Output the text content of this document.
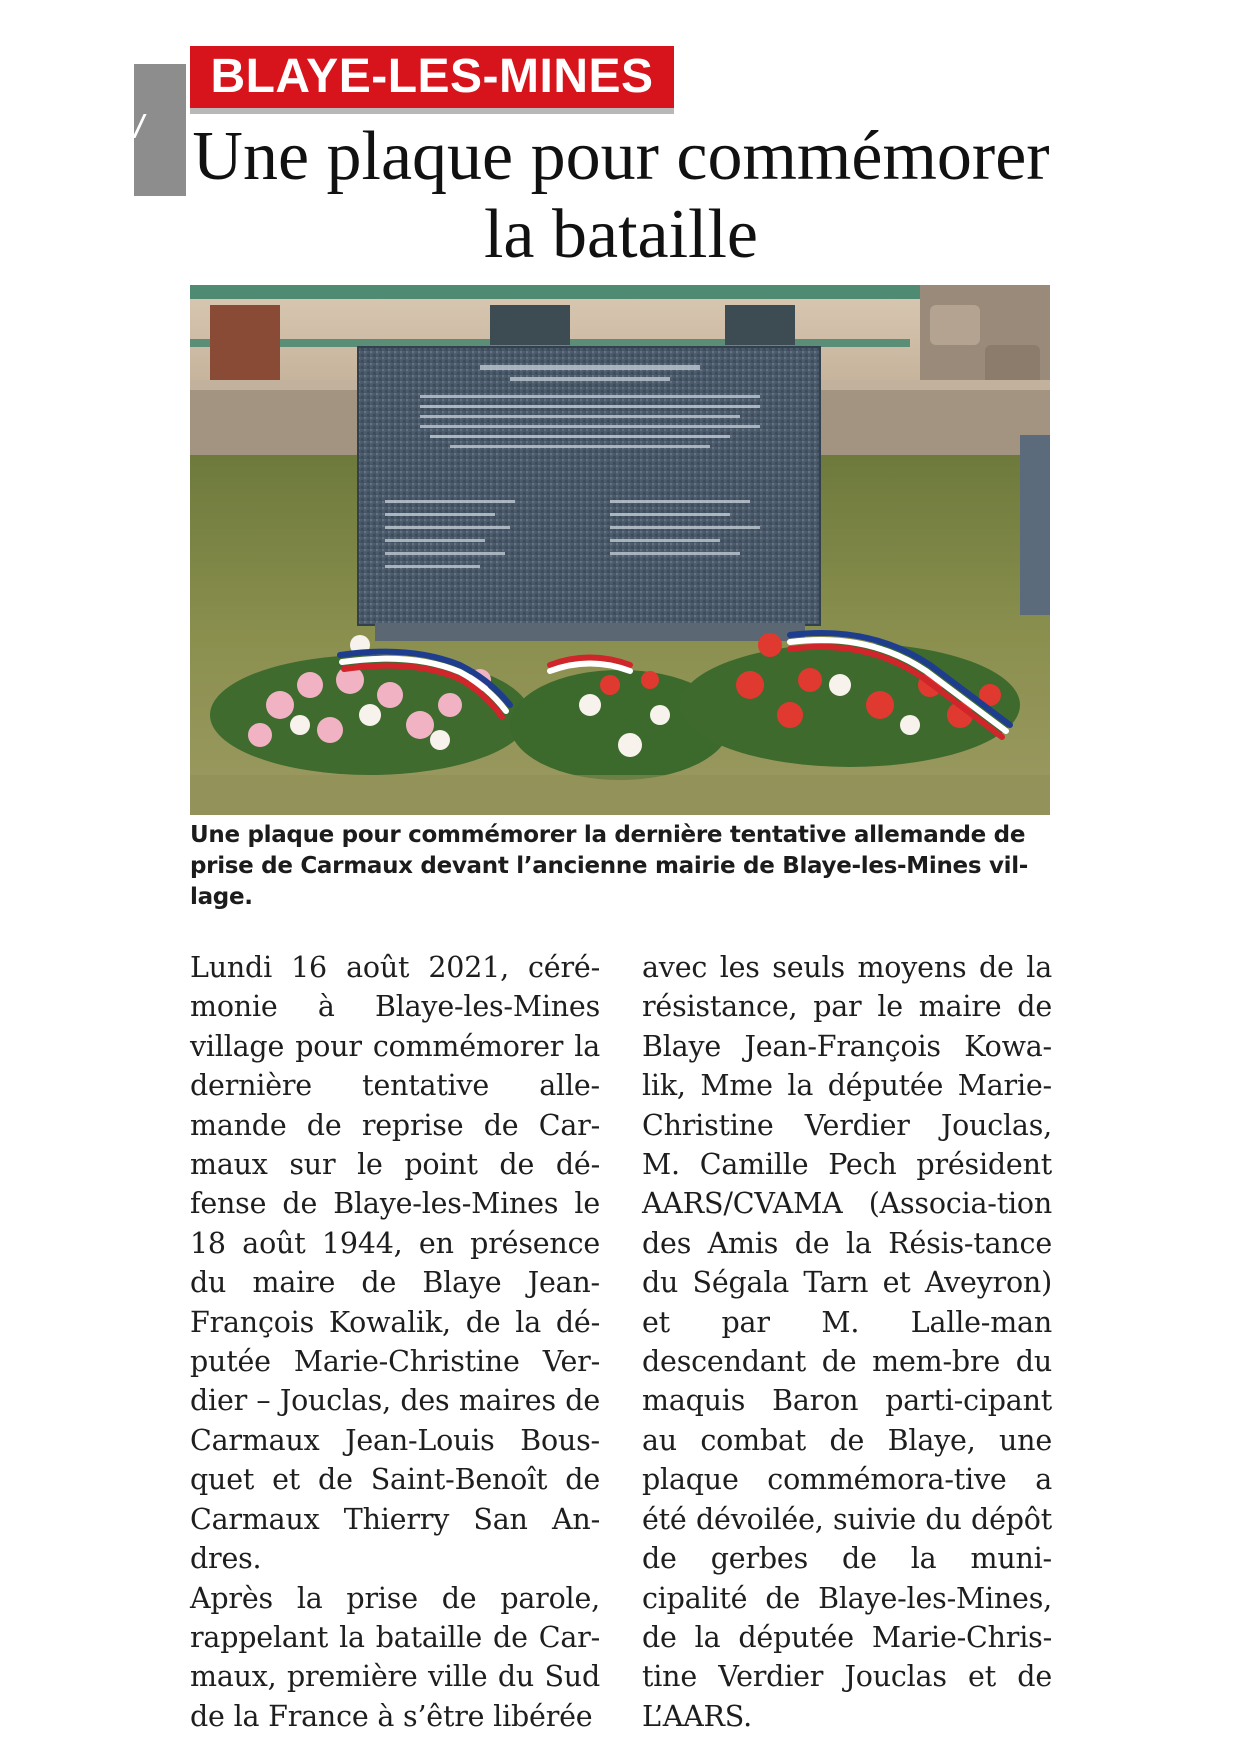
BLAYE-LES-MINES
Une plaque pour commémorer la bataille

Une plaque pour commémorer la dernière tentative allemande de prise de Carmaux devant l’ancienne mairie de Blaye-les-Mines vil-lage.

Lundi 16 août 2021, céré-monie à Blaye-les-Mines village pour commémorer la dernière tentative alle-mande de reprise de Car-maux sur le point de dé-fense de Blaye-les-Mines le 18 août 1944, en présence du maire de Blaye Jean-François Kowalik, de la dé-putée Marie-Christine Ver-dier – Jouclas, des maires de Carmaux Jean-Louis Bous-quet et de Saint-Benoît de Carmaux Thierry San An-dres.

Après la prise de parole, rappelant la bataille de Car-maux, première ville du Sud de la France à s’être libérée

avec les seuls moyens de la résistance, par le maire de Blaye Jean-François Kowa-lik, Mme la députée Marie-Christine Verdier Jouclas, M. Camille Pech président AARS/CVAMA (Associa-tion des Amis de la Résis-tance du Ségala Tarn et Aveyron) et par M. Lalle-man descendant de mem-bre du maquis Baron parti-cipant au combat de Blaye, une plaque commémora-tive a été dévoilée, suivie du dépôt de gerbes de la muni-cipalité de Blaye-les-Mines, de la députée Marie-Chris-tine Verdier Jouclas et de L’AARS.
